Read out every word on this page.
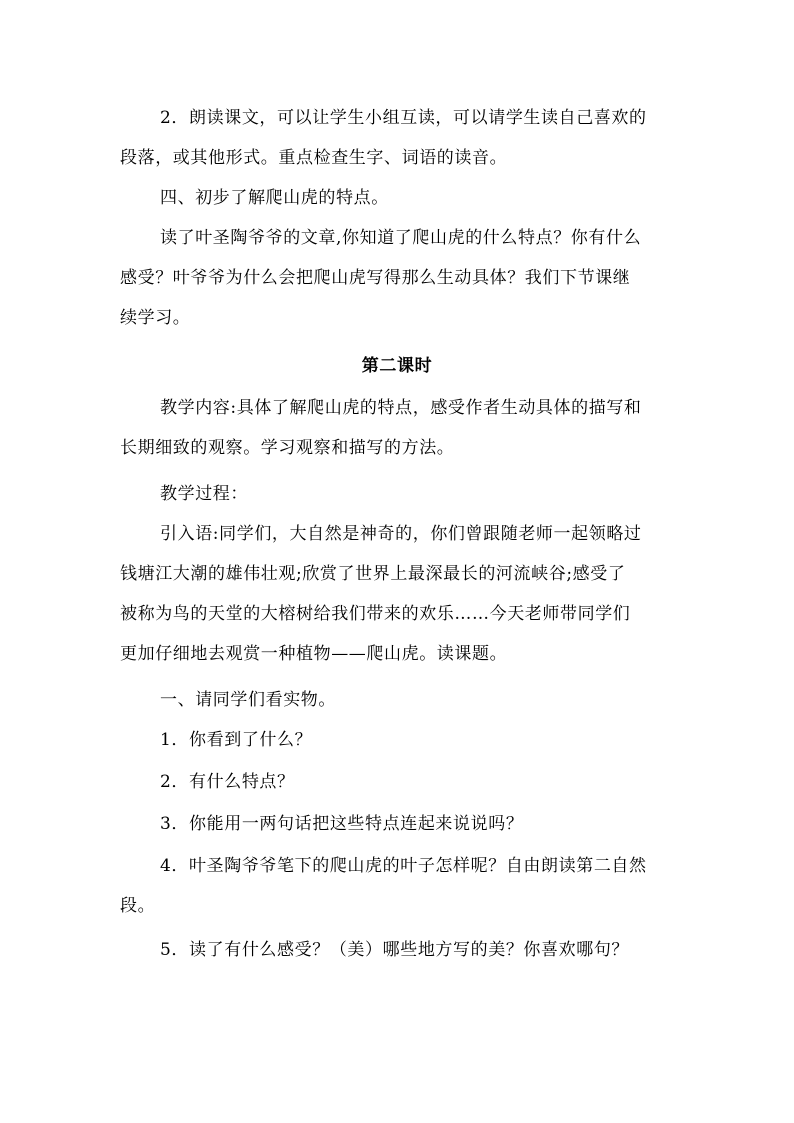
2．朗读课文，可以让学生小组互读，可以请学生读自己喜欢的
段落，或其他形式。重点检查生字、词语的读音。

四、初步了解爬山虎的特点。

读了叶圣陶爷爷的文章,你知道了爬山虎的什么特点？你有什么
感受？叶爷爷为什么会把爬山虎写得那么生动具体？我们下节课继
续学习。

第二课时

教学内容:具体了解爬山虎的特点，感受作者生动具体的描写和
长期细致的观察。学习观察和描写的方法。

教学过程：

引入语:同学们，大自然是神奇的，你们曾跟随老师一起领略过
钱塘江大潮的雄伟壮观;欣赏了世界上最深最长的河流峡谷;感受了
被称为鸟的天堂的大榕树给我们带来的欢乐……今天老师带同学们
更加仔细地去观赏一种植物——爬山虎。读课题。

一、请同学们看实物。

1．你看到了什么？

2．有什么特点？

3．你能用一两句话把这些特点连起来说说吗？

4．叶圣陶爷爷笔下的爬山虎的叶子怎样呢？自由朗读第二自然
段。

5．读了有什么感受？（美）哪些地方写的美？你喜欢哪句？
